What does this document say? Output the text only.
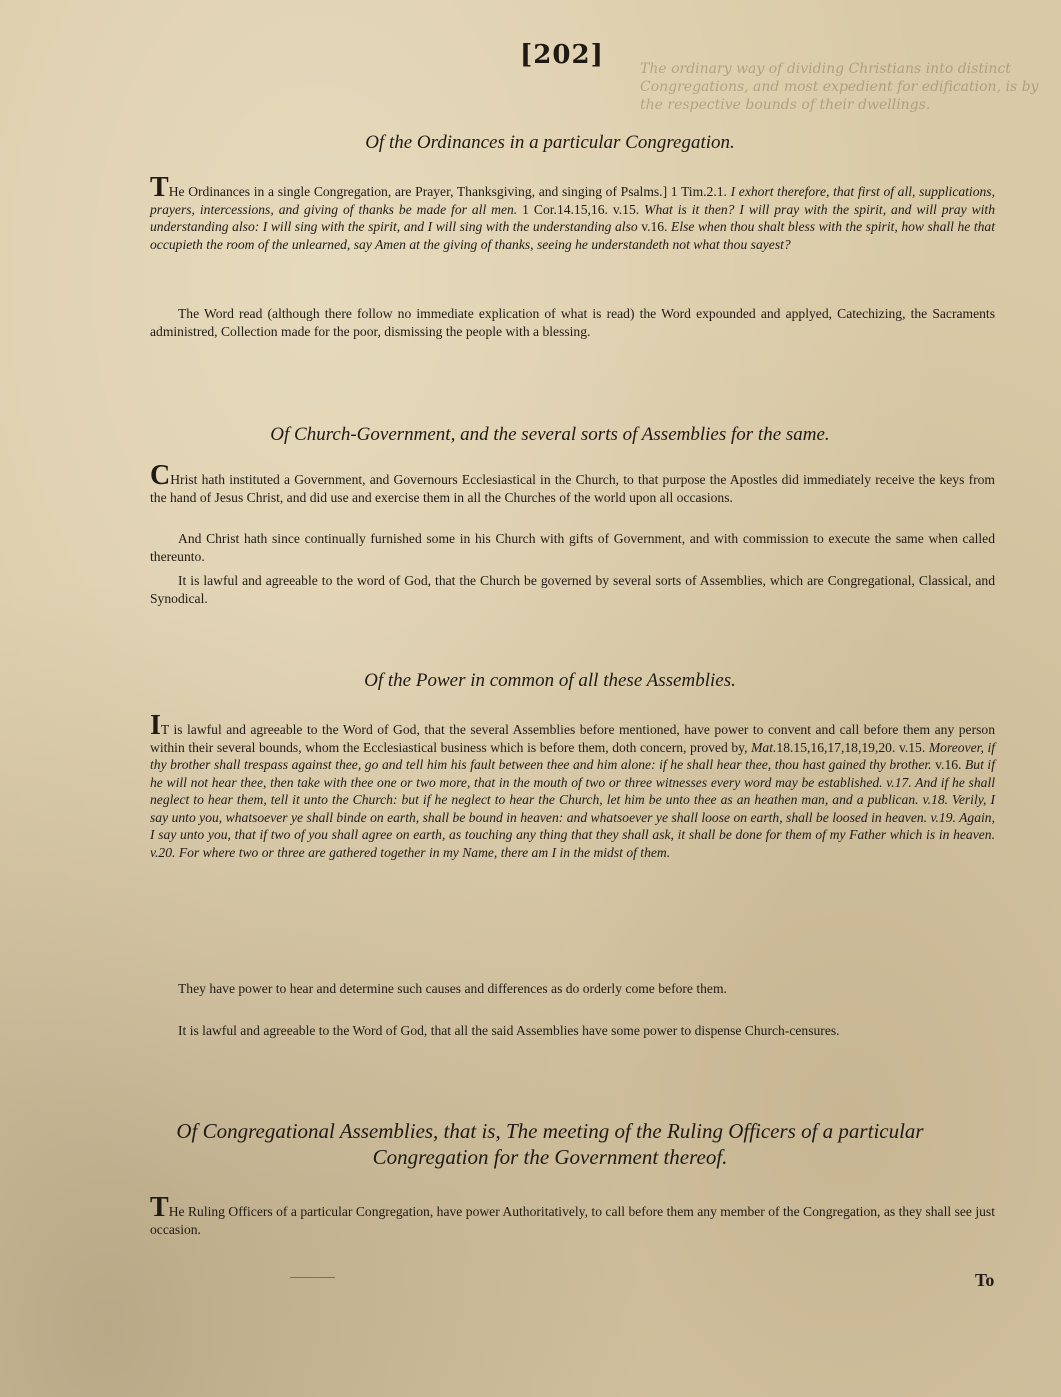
[202]	The ordinary way of dividing Christians into distinct Congregations, and most expedient for edification, is by the respective bounds of their dwellings.
Of the Ordinances in a particular Congregation.
THe Ordinances in a single Congregation, are Prayer, Thanksgiving, and singing of Psalms.] 1 Tim.2.1. I exhort therefore, that first of all, supplications, prayers, intercessions, and giving of thanks be made for all men. 1 Cor.14.15,16. v.15. What is it then? I will pray with the spirit, and will pray with understanding also: I will sing with the spirit, and I will sing with the understanding also v.16. Else when thou shalt bless with the spirit, how shall he that occupieth the room of the unlearned, say Amen at the giving of thanks, seeing he understandeth not what thou sayest?
The Word read (although there follow no immediate explication of what is read) the Word expounded and applyed, Catechizing, the Sacraments administred, Collection made for the poor, dismissing the people with a blessing.
Of Church-Government, and the several sorts of Assemblies for the same.
CHrist hath instituted a Government, and Governours Ecclesiastical in the Church, to that purpose the Apostles did immediately receive the keys from the hand of Jesus Christ, and did use and exercise them in all the Churches of the world upon all occasions.
And Christ hath since continually furnished some in his Church with gifts of Government, and with commission to execute the same when called thereunto.
It is lawful and agreeable to the word of God, that the Church be governed by several sorts of Assemblies, which are Congregational, Classical, and Synodical.
Of the Power in common of all these Assemblies.
IT is lawful and agreeable to the Word of God, that the several Assemblies before mentioned, have power to convent and call before them any person within their several bounds, whom the Ecclesiastical business which is before them, doth concern, proved by, Mat.18.15,16,17,18,19,20. v.15. Moreover, if thy brother shall trespass against thee, go and tell him his fault between thee and him alone: if he shall hear thee, thou hast gained thy brother. v.16. But if he will not hear thee, then take with thee one or two more, that in the mouth of two or three witnesses every word may be established. v.17. And if he shall neglect to hear them, tell it unto the Church: but if he neglect to hear the Church, let him be unto thee as an heathen man, and a publican. v.18. Verily, I say unto you, whatsoever ye shall binde on earth, shall be bound in heaven: and whatsoever ye shall loose on earth, shall be loosed in heaven. v.19. Again, I say unto you, that if two of you shall agree on earth, as touching any thing that they shall ask, it shall be done for them of my Father which is in heaven. v.20. For where two or three are gathered together in my Name, there am I in the midst of them.
They have power to hear and determine such causes and differences as do orderly come before them.
It is lawful and agreeable to the Word of God, that all the said Assemblies have some power to dispense Church-censures.
Of Congregational Assemblies, that is, The meeting of the Ruling Officers of a particular Congregation for the Government thereof.
THe Ruling Officers of a particular Congregation, have power Authoritatively, to call before them any member of the Congregation, as they shall see just occasion.
To
